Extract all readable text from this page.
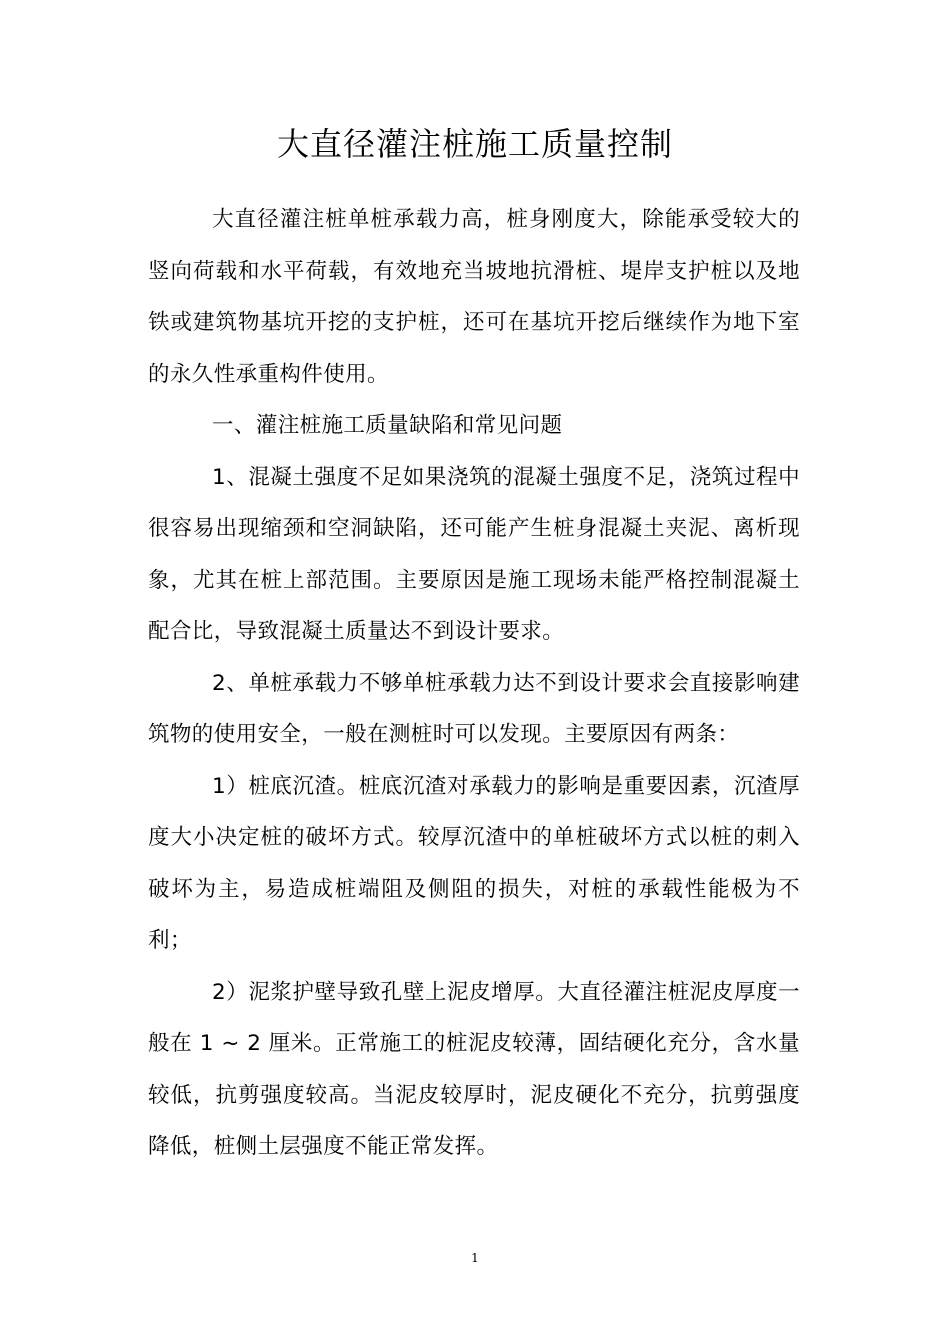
大直径灌注桩施工质量控制

大直径灌注桩单桩承载力高，桩身刚度大，除能承受较大的竖向荷载和水平荷载，有效地充当坡地抗滑桩、堤岸支护桩以及地铁或建筑物基坑开挖的支护桩，还可在基坑开挖后继续作为地下室的永久性承重构件使用。

一、灌注桩施工质量缺陷和常见问题

1、混凝土强度不足如果浇筑的混凝土强度不足，浇筑过程中很容易出现缩颈和空洞缺陷，还可能产生桩身混凝土夹泥、离析现象，尤其在桩上部范围。主要原因是施工现场未能严格控制混凝土配合比，导致混凝土质量达不到设计要求。

2、单桩承载力不够单桩承载力达不到设计要求会直接影响建筑物的使用安全，一般在测桩时可以发现。主要原因有两条：

1）桩底沉渣。桩底沉渣对承载力的影响是重要因素，沉渣厚度大小决定桩的破坏方式。较厚沉渣中的单桩破坏方式以桩的刺入破坏为主，易造成桩端阻及侧阻的损失，对桩的承载性能极为不利；

2）泥浆护壁导致孔壁上泥皮增厚。大直径灌注桩泥皮厚度一般在 1 ~ 2 厘米。正常施工的桩泥皮较薄，固结硬化充分，含水量较低，抗剪强度较高。当泥皮较厚时，泥皮硬化不充分，抗剪强度降低，桩侧土层强度不能正常发挥。

1
